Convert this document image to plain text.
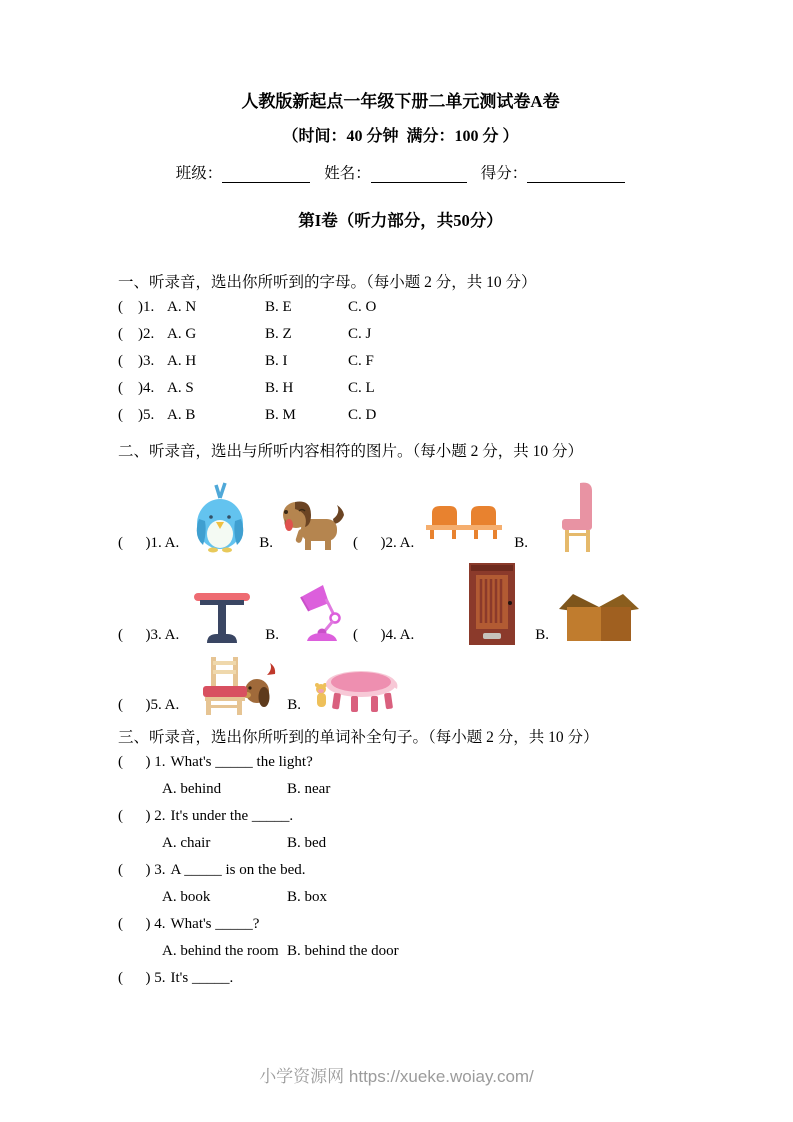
人教版新起点一年级下册二单元测试卷A卷
（时间：40 分钟  满分：100 分 ）
班级：	姓名：	得分：
第I卷（听力部分，共50分）
一、听录音，选出你所听到的字母。（每小题 2 分，共 10 分）
(    )1. A. N	B. E	C. O
(    )2. A. G	B. Z	C. J
(    )3. A. H	B. I	C. F
(    )4. A. S	B. H	C. L
(    )5. A. B	B. M	C. D
二、听录音，选出与所听内容相符的图片。（每小题 2 分，共 10 分）
(      )1. A.	B.	(      )2. A.	B.
(      )3. A.	B.	(      )4. A.	B.
(      )5. A.	B.
三、听录音，选出你所听到的单词补全句子。（每小题 2 分，共 10 分）
(      ) 1. What's _____ the light?
A. behind	B. near
(      ) 2. It's under the _____.
A. chair	B. bed
(      ) 3. A _____ is on the bed.
A. book	B. box
(      ) 4. What's _____?
A. behind the room B. behind the door
(      ) 5. It's _____.
小学资源网 https://xueke.woiay.com/
